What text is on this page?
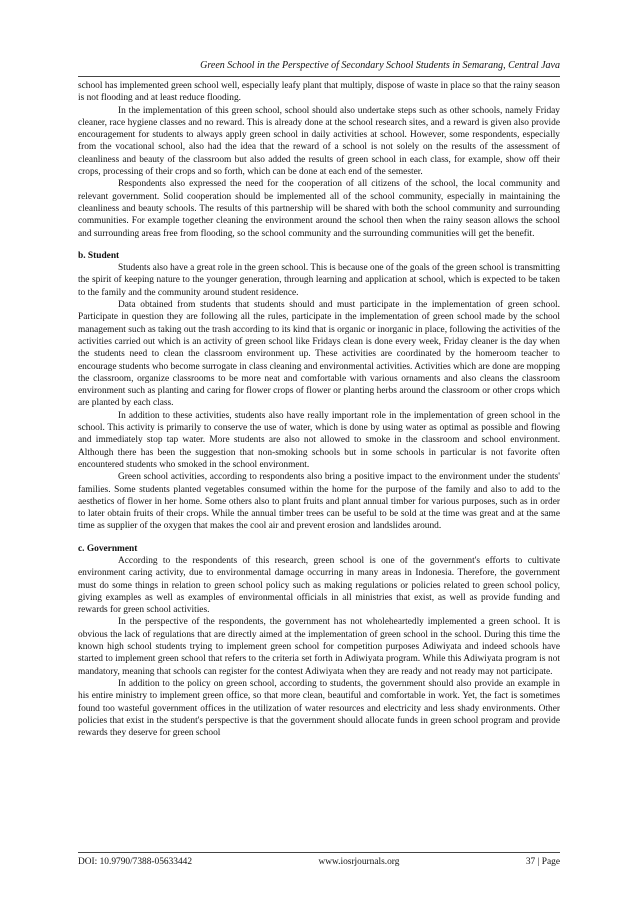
Green School in the Perspective of Secondary School Students in Semarang, Central Java

school has implemented green school well, especially leafy plant that multiply, dispose of waste in place so that the rainy season is not flooding and at least reduce flooding.

In the implementation of this green school, school should also undertake steps such as other schools, namely Friday cleaner, race hygiene classes and no reward. This is already done at the school research sites, and a reward is given also provide encouragement for students to always apply green school in daily activities at school. However, some respondents, especially from the vocational school, also had the idea that the reward of a school is not solely on the results of the assessment of cleanliness and beauty of the classroom but also added the results of green school in each class, for example, show off their crops, processing of their crops and so forth, which can be done at each end of the semester.

Respondents also expressed the need for the cooperation of all citizens of the school, the local community and relevant government. Solid cooperation should be implemented all of the school community, especially in maintaining the cleanliness and beauty schools. The results of this partnership will be shared with both the school community and surrounding communities. For example together cleaning the environment around the school then when the rainy season allows the school and surrounding areas free from flooding, so the school community and the surrounding communities will get the benefit.

b. Student

Students also have a great role in the green school. This is because one of the goals of the green school is transmitting the spirit of keeping nature to the younger generation, through learning and application at school, which is expected to be taken to the family and the community around student residence.

Data obtained from students that students should and must participate in the implementation of green school. Participate in question they are following all the rules, participate in the implementation of green school made by the school management such as taking out the trash according to its kind that is organic or inorganic in place, following the activities of the activities carried out which is an activity of green school like Fridays clean is done every week, Friday cleaner is the day when the students need to clean the classroom environment up. These activities are coordinated by the homeroom teacher to encourage students who become surrogate in class cleaning and environmental activities. Activities which are done are mopping the classroom, organize classrooms to be more neat and comfortable with various ornaments and also cleans the classroom environment such as planting and caring for flower crops of flower or planting herbs around the classroom or other crops which are planted by each class.

In addition to these activities, students also have really important role in the implementation of green school in the school. This activity is primarily to conserve the use of water, which is done by using water as optimal as possible and flowing and immediately stop tap water. More students are also not allowed to smoke in the classroom and school environment. Although there has been the suggestion that non-smoking schools but in some schools in particular is not favorite often encountered students who smoked in the school environment.

Green school activities, according to respondents also bring a positive impact to the environment under the students' families. Some students planted vegetables consumed within the home for the purpose of the family and also to add to the aesthetics of flower in her home. Some others also to plant fruits and plant annual timber for various purposes, such as in order to later obtain fruits of their crops. While the annual timber trees can be useful to be sold at the time was great and at the same time as supplier of the oxygen that makes the cool air and prevent erosion and landslides around.

c. Government

According to the respondents of this research, green school is one of the government's efforts to cultivate environment caring activity, due to environmental damage occurring in many areas in Indonesia. Therefore, the government must do some things in relation to green school policy such as making regulations or policies related to green school policy, giving examples as well as examples of environmental officials in all ministries that exist, as well as provide funding and rewards for green school activities.

In the perspective of the respondents, the government has not wholeheartedly implemented a green school. It is obvious the lack of regulations that are directly aimed at the implementation of green school in the school. During this time the known high school students trying to implement green school for competition purposes Adiwiyata and indeed schools have started to implement green school that refers to the criteria set forth in Adiwiyata program. While this Adiwiyata program is not mandatory, meaning that schools can register for the contest Adiwiyata when they are ready and not ready may not participate.

In addition to the policy on green school, according to students, the government should also provide an example in his entire ministry to implement green office, so that more clean, beautiful and comfortable in work. Yet, the fact is sometimes found too wasteful government offices in the utilization of water resources and electricity and less shady environments. Other policies that exist in the student's perspective is that the government should allocate funds in green school program and provide rewards they deserve for green school

DOI: 10.9790/7388-05633442	www.iosrjournals.org	37 | Page
